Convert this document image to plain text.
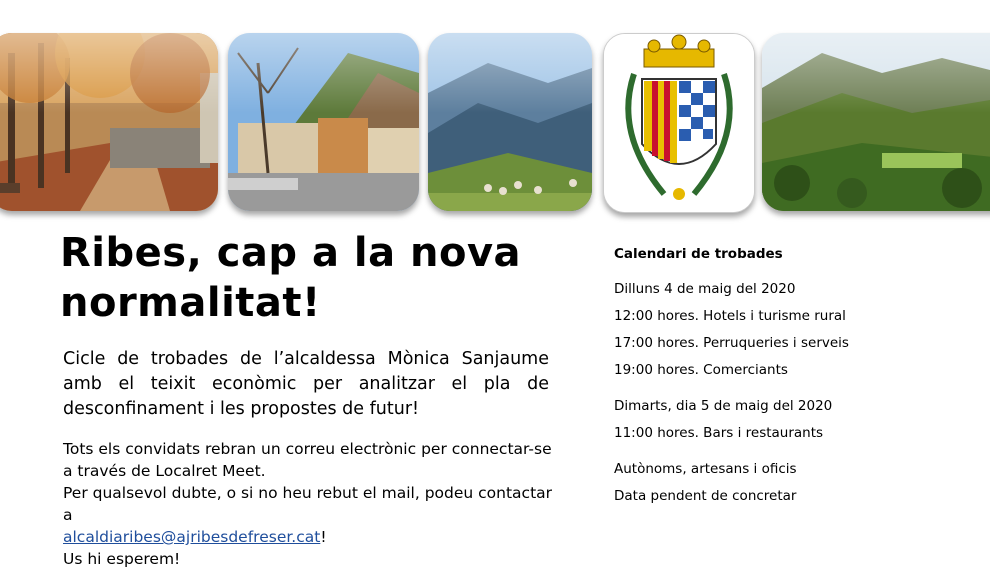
Ribes, cap a la nova
normalitat!
Cicle de trobades de l’alcaldessa Mònica Sanjaume amb el teixit econòmic per analitzar el pla de desconfinament i les propostes de futur!
Tots els convidats rebran un correu electrònic per connectar-se
a través de Localret Meet.
Per qualsevol dubte, o si no heu rebut el mail, podeu contactar a
alcaldiaribes@ajribesdefreser.cat!
Us hi esperem!
Calendari de trobades
Dilluns 4 de maig del 2020
12:00 hores. Hotels i turisme rural
17:00 hores. Perruqueries i serveis
19:00 hores. Comerciants
Dimarts, dia 5 de maig del 2020
11:00 hores. Bars i restaurants
Autònoms, artesans i oficis
Data pendent de concretar
